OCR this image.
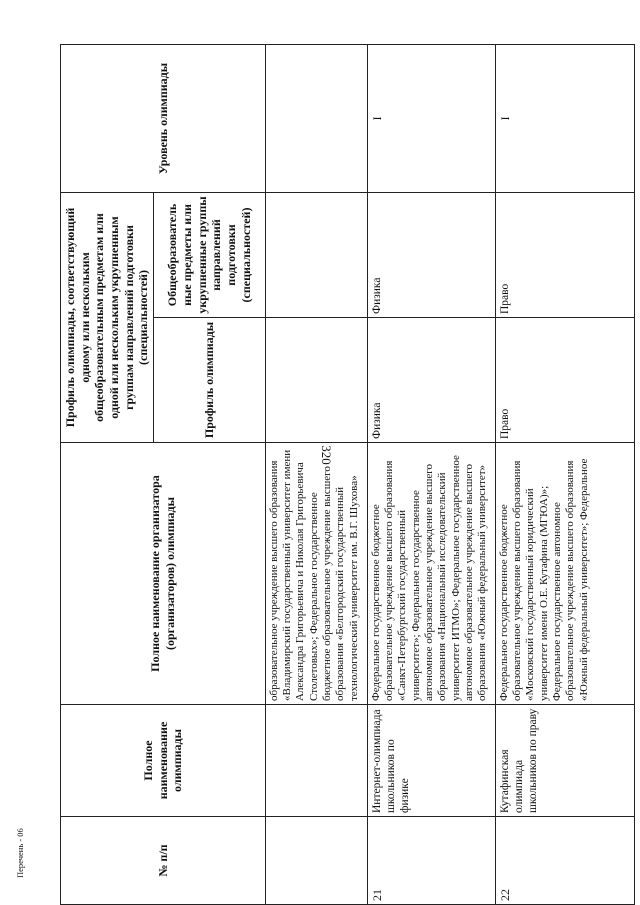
320
Перечень - 06	№ п/п	Полное наименование олимпиады	Полное наименование организатора (организаторов) олимпиады	Профиль олимпиады, соответствующий одному или нескольким общеобразовательным предметам или одной или нескольким укрупненным группам направлений подготовки (специальностей)		Уровень олимпиады
			Профиль олимпиады	Общеобразователь ные предметы или укрупненные группы направлений подготовки (специальностей)	
		образовательное учреждение высшего образования «Владимирский государственный университет имени Александра Григорьевича и Николая Григорьевича Столетовых»; Федеральное государственное бюджетное образовательное учреждение высшего образования «Белгородский государственный технологический университет им. В.Г. Шухова»			
21	Интернет-олимпиада школьников по физике	Федеральное государственное бюджетное образовательное учреждение высшего образования «Санкт-Петербургский государственный университет»; Федеральное государственное автономное образовательное учреждение высшего образования «Национальный исследовательский университет ИТМО»; Федеральное государственное автономное образовательное учреждение высшего образования «Южный федеральный университет»	Физика	Физика	I
22	Кутафинская олимпиада школьников по праву	Федеральное государственное бюджетное образовательное учреждение высшего образования «Московский государственный юридический университет имени О.Е. Кутафина (МГЮА)»; Федеральное государственное автономное образовательное учреждение высшего образования «Южный федеральный университет»; Федеральное	Право	Право	I
